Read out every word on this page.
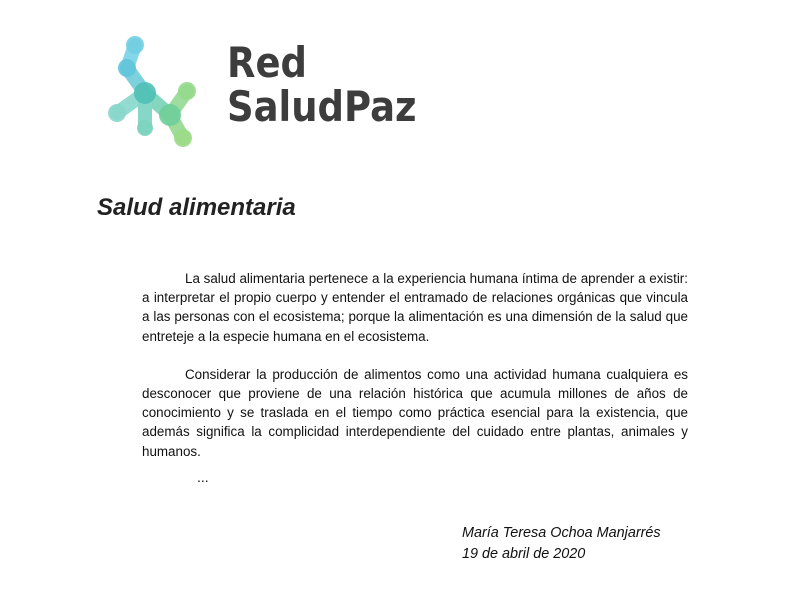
Red
SaludPaz
Salud alimentaria

La salud alimentaria pertenece a la experiencia humana íntima de aprender a existir: a interpretar el propio cuerpo y entender el entramado de relaciones orgánicas que vincula a las personas con el ecosistema; porque la alimentación es una dimensión de la salud que entreteje a la especie humana en el ecosistema.

Considerar la producción de alimentos como una actividad humana cualquiera es desconocer que proviene de una relación histórica que acumula millones de años de conocimiento y se traslada en el tiempo como práctica esencial para la existencia, que además significa la complicidad interdependiente del cuidado entre plantas, animales y humanos.

...
María Teresa Ochoa Manjarrés
19 de abril de 2020
